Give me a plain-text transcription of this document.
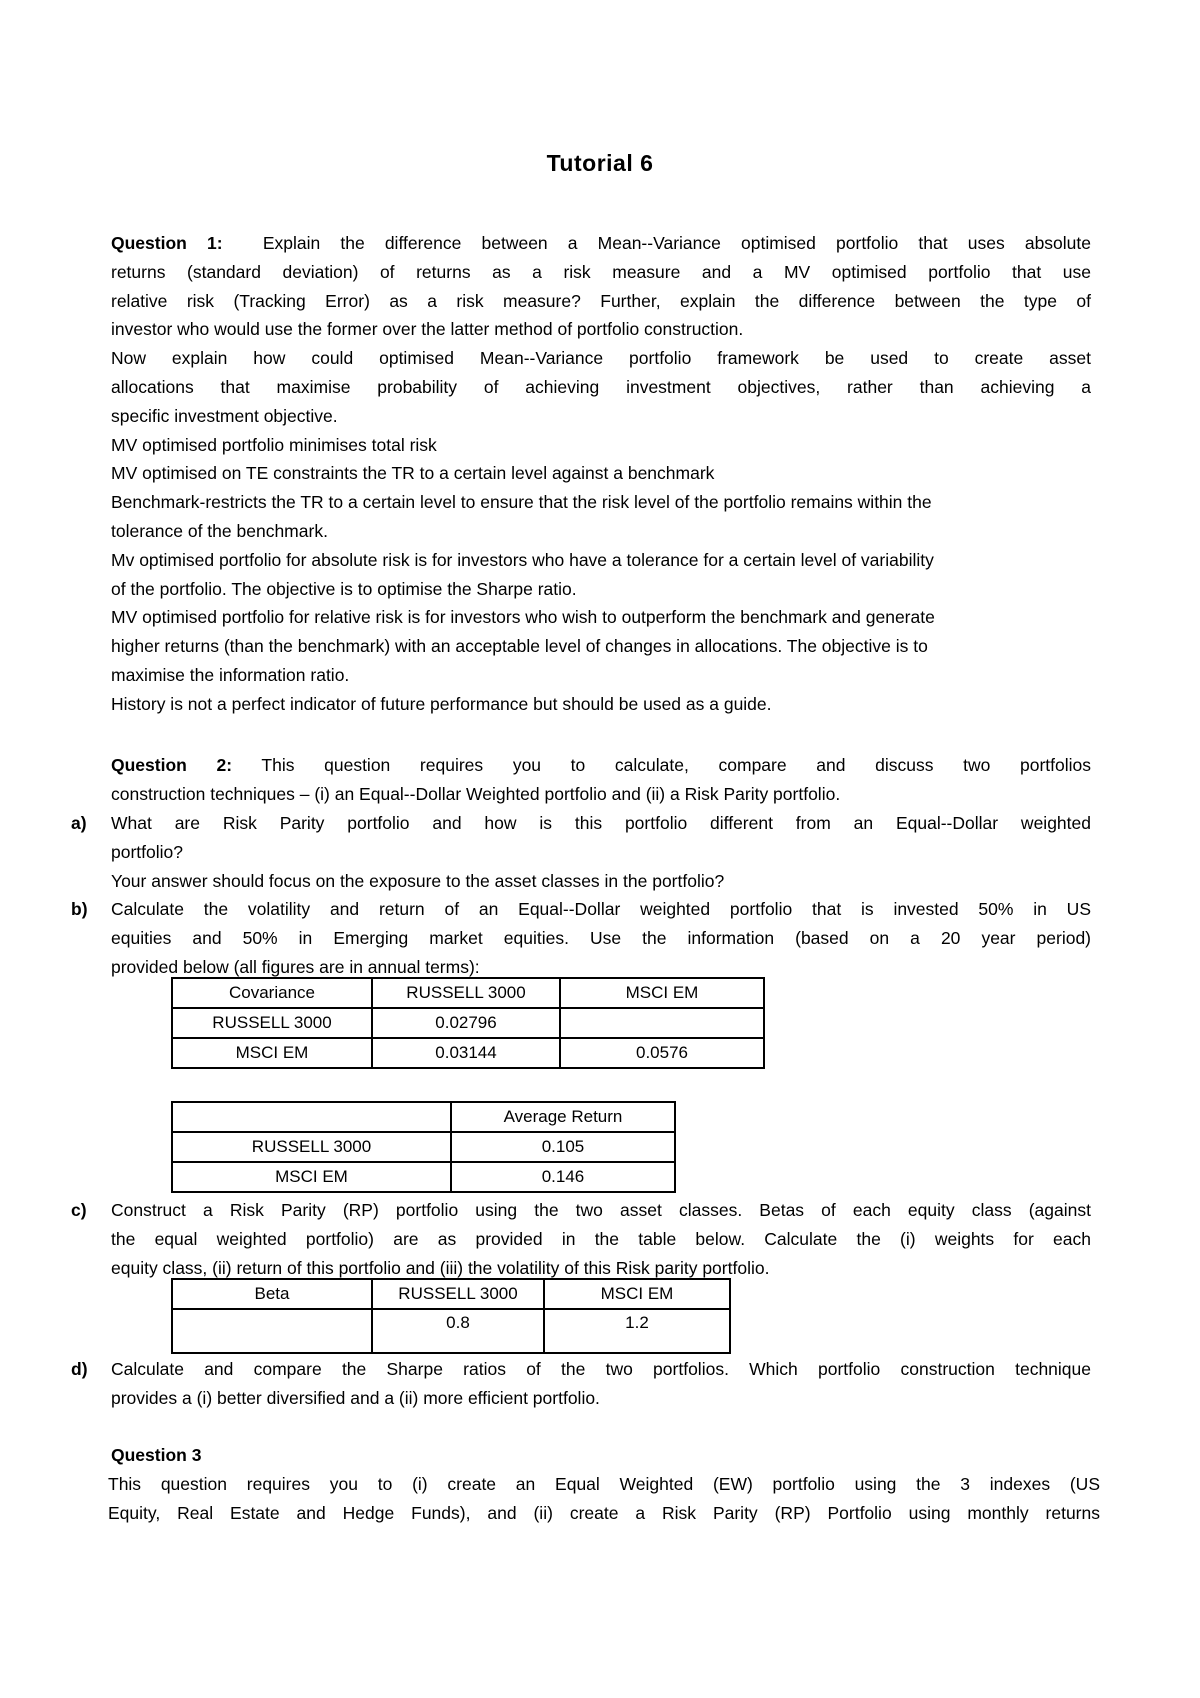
Tutorial 6
Question 1: Explain the difference between a Mean--Variance optimised portfolio that uses absolute
returns (standard deviation) of returns as a risk measure and a MV optimised portfolio that use
relative risk (Tracking Error) as a risk measure? Further, explain the difference between the type of
investor who would use the former over the latter method of portfolio construction.
Now explain how could optimised Mean--Variance portfolio framework be used to create asset
allocations that maximise probability of achieving investment objectives, rather than achieving a
specific investment objective.
MV optimised portfolio minimises total risk
MV optimised on TE constraints the TR to a certain level against a benchmark
Benchmark-restricts the TR to a certain level to ensure that the risk level of the portfolio remains within the
tolerance of the benchmark.
Mv optimised portfolio for absolute risk is for investors who have a tolerance for a certain level of variability
of the portfolio. The objective is to optimise the Sharpe ratio.
MV optimised portfolio for relative risk is for investors who wish to outperform the benchmark and generate
higher returns (than the benchmark) with an acceptable level of changes in allocations. The objective is to
maximise the information ratio.
History is not a perfect indicator of future performance but should be used as a guide.
Question 2: This question requires you to calculate, compare and discuss two portfolios
construction techniques – (i) an Equal--Dollar Weighted portfolio and (ii) a Risk Parity portfolio.
a) What are Risk Parity portfolio and how is this portfolio different from an Equal--Dollar weighted
portfolio?
Your answer should focus on the exposure to the asset classes in the portfolio?
b) Calculate the volatility and return of an Equal--Dollar weighted portfolio that is invested 50% in US
equities and 50% in Emerging market equities. Use the information (based on a 20 year period)
provided below (all figures are in annual terms):
Covariance	RUSSELL 3000	MSCI EM
RUSSELL 3000	0.02796	
MSCI EM	0.03144	0.0576
	Average Return
RUSSELL 3000	0.105
MSCI EM	0.146
c) Construct a Risk Parity (RP) portfolio using the two asset classes. Betas of each equity class (against
the equal weighted portfolio) are as provided in the table below. Calculate the (i) weights for each
equity class, (ii) return of this portfolio and (iii) the volatility of this Risk parity portfolio.
Beta	RUSSELL 3000	MSCI EM
	0.8	1.2
d) Calculate and compare the Sharpe ratios of the two portfolios. Which portfolio construction technique
provides a (i) better diversified and a (ii) more efficient portfolio.
Question 3
This question requires you to (i) create an Equal Weighted (EW) portfolio using the 3 indexes (US
Equity, Real Estate and Hedge Funds), and (ii) create a Risk Parity (RP) Portfolio using monthly returns
